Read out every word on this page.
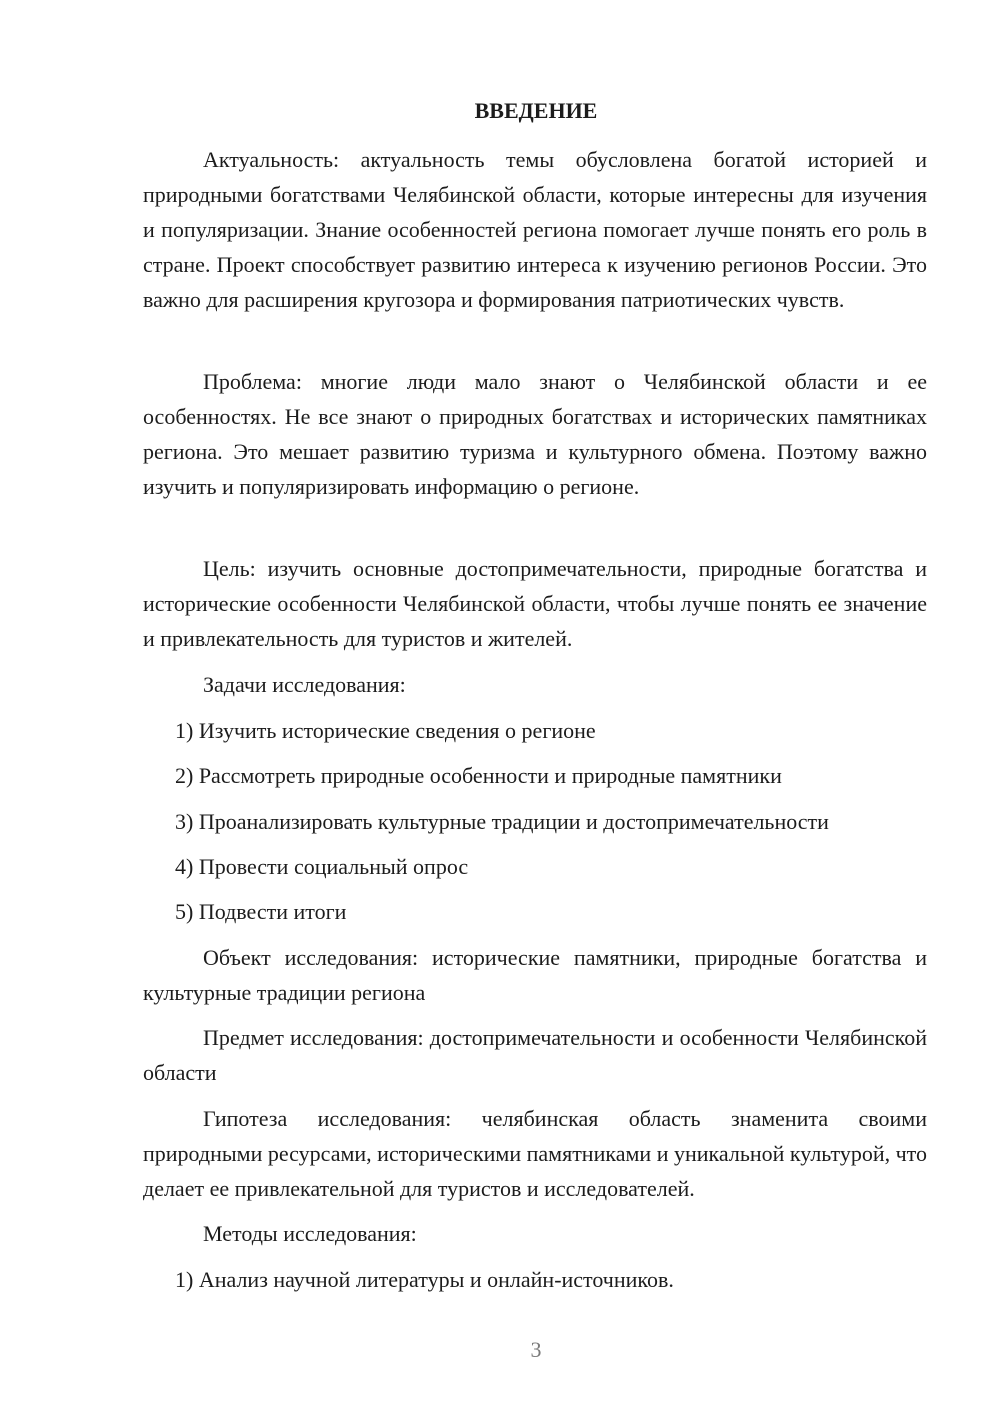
ВВЕДЕНИЕ

Актуальность: актуальность темы обусловлена богатой историей и природными богатствами Челябинской области, которые интересны для изучения и популяризации. Знание особенностей региона помогает лучше понять его роль в стране. Проект способствует развитию интереса к изучению регионов России. Это важно для расширения кругозора и формирования патриотических чувств.

Проблема: многие люди мало знают о Челябинской области и ее особенностях. Не все знают о природных богатствах и исторических памятниках региона. Это мешает развитию туризма и культурного обмена. Поэтому важно изучить и популяризировать информацию о регионе.

Цель: изучить основные достопримечательности, природные богатства и исторические особенности Челябинской области, чтобы лучше понять ее значение и привлекательность для туристов и жителей.

Задачи исследования:

1) Изучить исторические сведения о регионе

2) Рассмотреть природные особенности и природные памятники

3) Проанализировать культурные традиции и достопримечательности

4) Провести социальный опрос

5) Подвести итоги

Объект исследования: исторические памятники, природные богатства и культурные традиции региона

Предмет исследования: достопримечательности и особенности Челябинской области

Гипотеза исследования: челябинская область знаменита своими природными ресурсами, историческими памятниками и уникальной культурой, что делает ее привлекательной для туристов и исследователей.

Методы исследования:

1) Анализ научной литературы и онлайн-источников.

3
